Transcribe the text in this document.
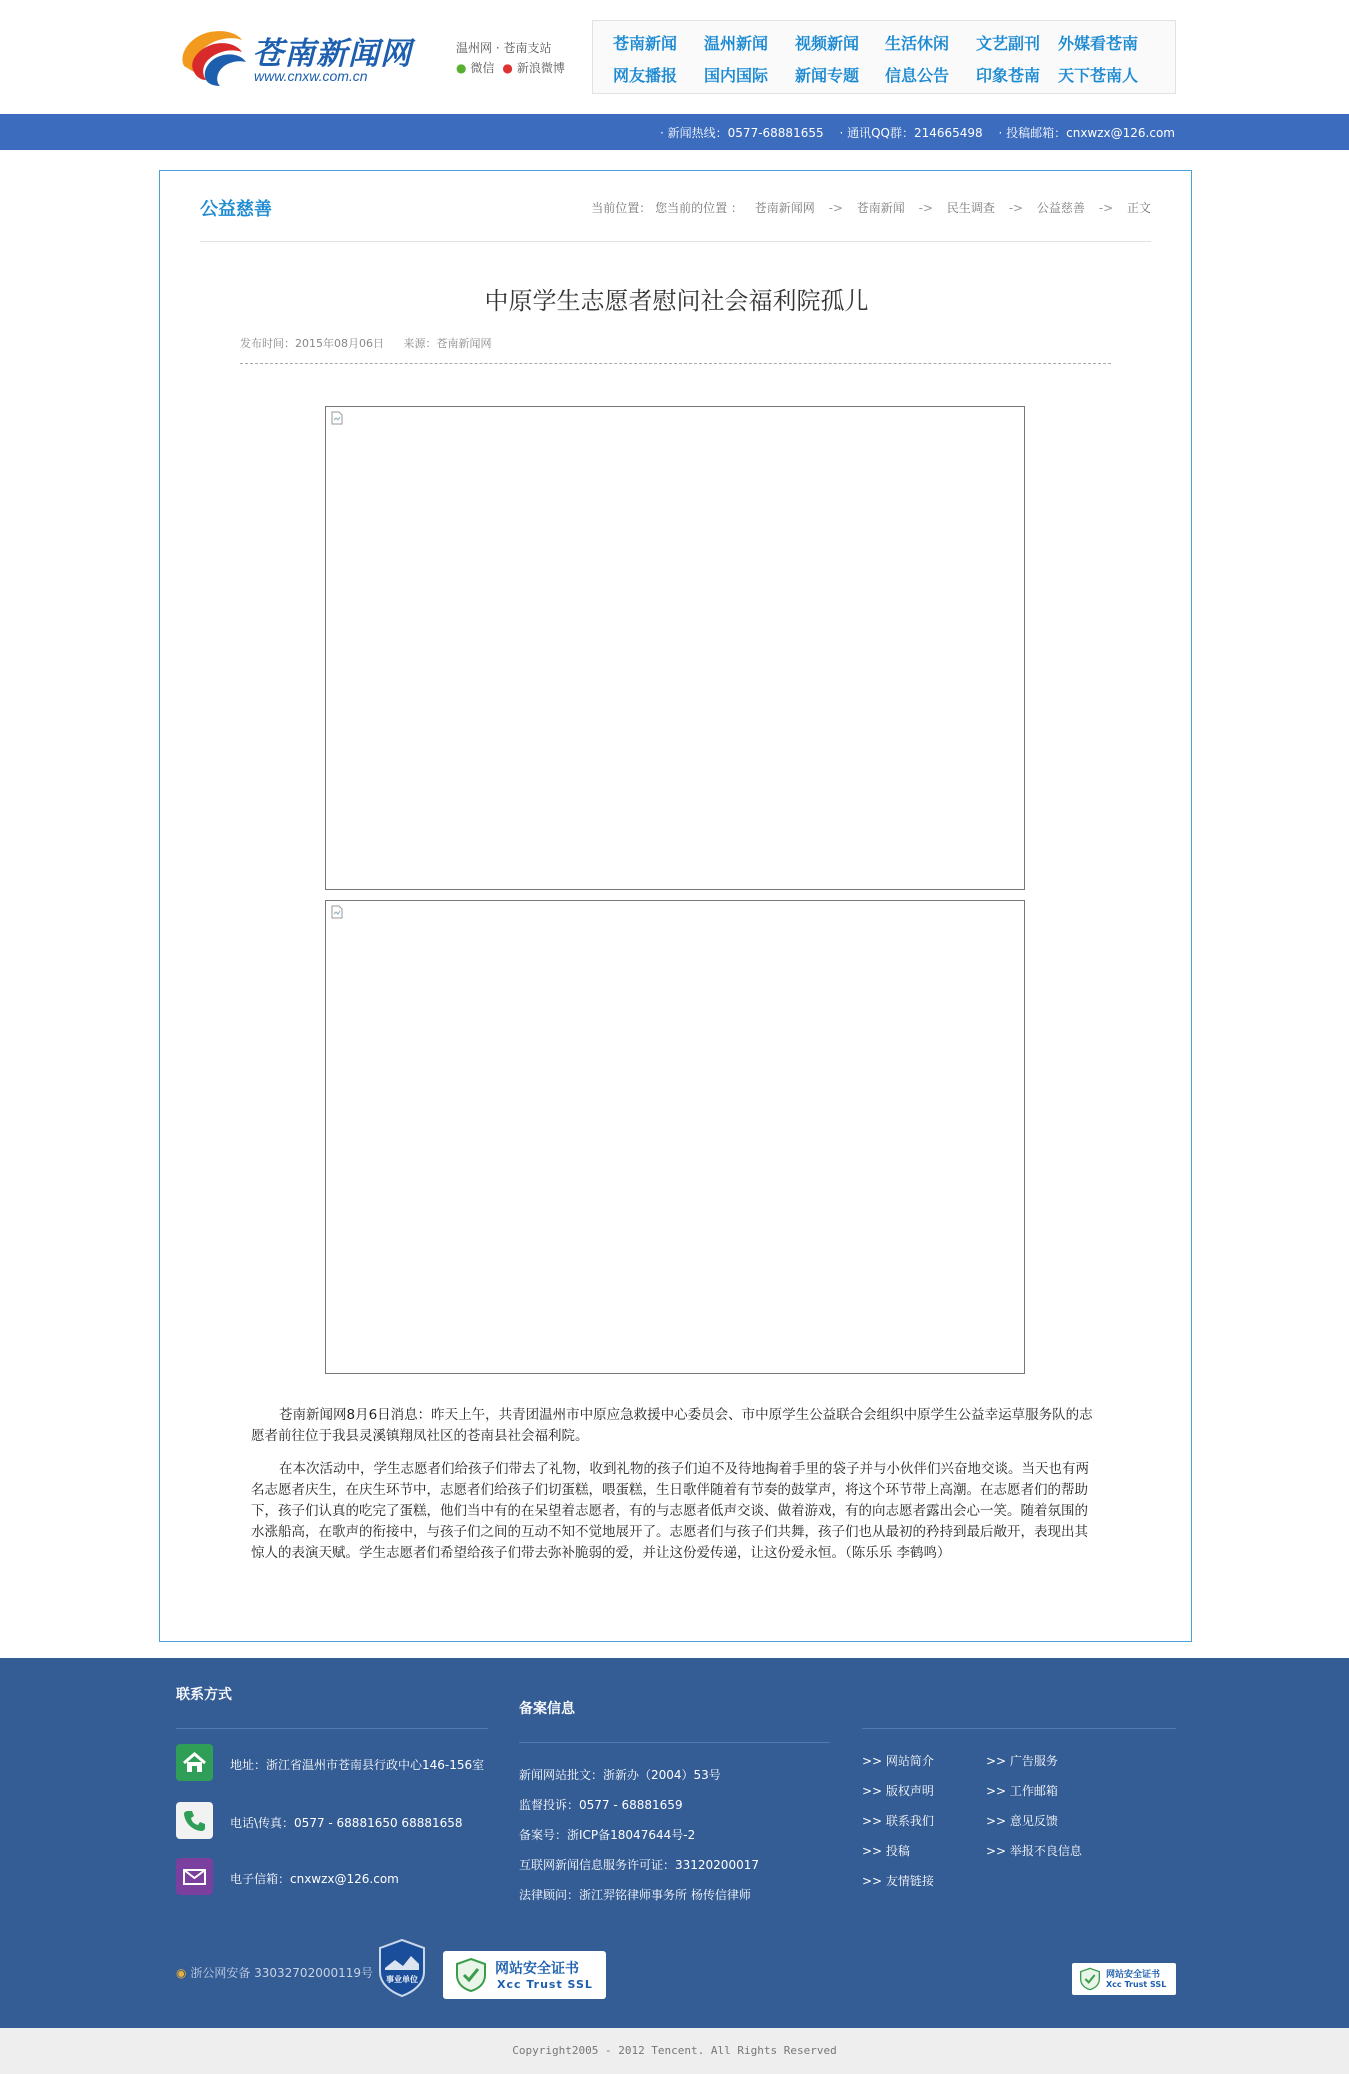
苍南新闻网
www.cnxw.com.cn
温州网 · 苍南支站
● 微信 ● 新浪微博
苍南新闻 温州新闻 视频新闻 生活休闲 文艺副刊 外媒看苍南
网友播报 国内国际 新闻专题 信息公告 印象苍南 天下苍南人
· 新闻热线：0577-68881655 · 通讯QQ群：214665498 · 投稿邮箱：cnxwzx@126.com
公益慈善	当前位置： 您当前的位置 ： 苍南新闻网 -> 苍南新闻 -> 民生调查 -> 公益慈善 -> 正文
中原学生志愿者慰问社会福利院孤儿
发布时间：2015年08月06日 来源：苍南新闻网

苍南新闻网8月6日消息：昨天上午，共青团温州市中原应急救援中心委员会、市中原学生公益联合会组织中原学生公益幸运草服务队的志愿者前往位于我县灵溪镇翔凤社区的苍南县社会福利院。

在本次活动中，学生志愿者们给孩子们带去了礼物，收到礼物的孩子们迫不及待地掏着手里的袋子并与小伙伴们兴奋地交谈。当天也有两名志愿者庆生，在庆生环节中，志愿者们给孩子们切蛋糕，喂蛋糕，生日歌伴随着有节奏的鼓掌声，将这个环节带上高潮。在志愿者们的帮助下，孩子们认真的吃完了蛋糕，他们当中有的在呆望着志愿者，有的与志愿者低声交谈、做着游戏，有的向志愿者露出会心一笑。随着氛围的水涨船高，在歌声的衔接中，与孩子们之间的互动不知不觉地展开了。志愿者们与孩子们共舞，孩子们也从最初的矜持到最后敞开，表现出其惊人的表演天赋。学生志愿者们希望给孩子们带去弥补脆弱的爱，并让这份爱传递，让这份爱永恒。（陈乐乐 李鹤鸣）

联系方式
地址：浙江省温州市苍南县行政中心146-156室
电话\传真：0577 - 68881650 68881658
电子信箱：cnxwzx@126.com
备案信息
新闻网站批文：浙新办（2004）53号
监督投诉：0577 - 68881659
备案号：浙ICP备18047644号-2
互联网新闻信息服务许可证：33120200017
法律顾问：浙江羿铭律师事务所 杨传信律师
>> 网站简介
>> 版权声明
>> 联系我们
>> 投稿
>> 友情链接
>> 广告服务
>> 工作邮箱
>> 意见反馈
>> 举报不良信息
◉ 浙公网安备 33032702000119号 事业单位
网站安全证书
Xcc Trust SSL
网站安全证书
Xcc Trust SSL
Copyright2005 - 2012 Tencent. All Rights Reserved
